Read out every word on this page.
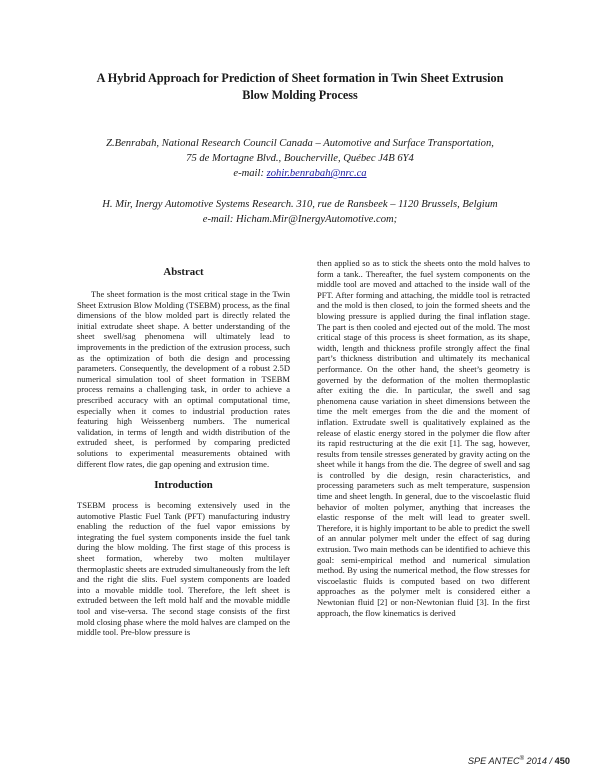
A Hybrid Approach for Prediction of Sheet formation in Twin Sheet Extrusion
Blow Molding Process
Z.Benrabah, National Research Council Canada – Automotive and Surface Transportation,
75 de Mortagne Blvd., Boucherville, Québec J4B 6Y4
e-mail: zohir.benrabah@nrc.ca
H. Mir, Inergy Automotive Systems Research. 310, rue de Ransbeek – 1120 Brussels, Belgium
e-mail: Hicham.Mir@InergyAutomotive.com;
Abstract

The sheet formation is the most critical stage in the Twin Sheet Extrusion Blow Molding (TSEBM) process, as the final dimensions of the blow molded part is directly related the initial extrudate sheet shape. A better understanding of the sheet swell/sag phenomena will ultimately lead to improvements in the prediction of the extrusion process, such as the optimization of both die design and processing parameters. Consequently, the development of a robust 2.5D numerical simulation tool of sheet formation in TSEBM process remains a challenging task, in order to achieve a prescribed accuracy with an optimal computational time, especially when it comes to industrial production rates featuring high Weissenberg numbers. The numerical validation, in terms of length and width distribution of the extruded sheet, is performed by comparing predicted solutions to experimental measurements obtained with different flow rates, die gap opening and extrusion time.

Introduction

TSEBM process is becoming extensively used in the automotive Plastic Fuel Tank (PFT) manufacturing industry enabling the reduction of the fuel vapor emissions by integrating the fuel system components inside the fuel tank during the blow molding. The first stage of this process is sheet formation, whereby two molten multilayer thermoplastic sheets are extruded simultaneously from the left and the right die slits. Fuel system components are loaded into a movable middle tool. Therefore, the left sheet is extruded between the left mold half and the movable middle tool and vise-versa. The second stage consists of the first mold closing phase where the mold halves are clamped on the middle tool. Pre-blow pressure is

then applied so as to stick the sheets onto the mold halves to form a tank.. Thereafter, the fuel system components on the middle tool are moved and attached to the inside wall of the PFT. After forming and attaching, the middle tool is retracted and the mold is then closed, to join the formed sheets and the blowing pressure is applied during the final inflation stage. The part is then cooled and ejected out of the mold. The most critical stage of this process is sheet formation, as its shape, width, length and thickness profile strongly affect the final part’s thickness distribution and ultimately its mechanical performance. On the other hand, the sheet’s geometry is governed by the deformation of the molten thermoplastic after exiting the die. In particular, the swell and sag phenomena cause variation in sheet dimensions between the time the melt emerges from the die and the moment of inflation. Extrudate swell is qualitatively explained as the release of elastic energy stored in the polymer die flow after its rapid restructuring at the die exit [1]. The sag, however, results from tensile stresses generated by gravity acting on the sheet while it hangs from the die. The degree of swell and sag is controlled by die design, resin characteristics, and processing parameters such as melt temperature, suspension time and sheet length. In general, due to the viscoelastic fluid behavior of molten polymer, anything that increases the elastic response of the melt will lead to greater swell. Therefore, it is highly important to be able to predict the swell of an annular polymer melt under the effect of sag during extrusion. Two main methods can be identified to achieve this goal: semi-empirical method and numerical simulation method. By using the numerical method, the flow stresses for viscoelastic fluids is computed based on two different approaches as the polymer melt is considered either a Newtonian fluid [2] or non-Newtonian fluid [3]. In the first approach, the flow kinematics is derived

SPE ANTEC® 2014 / 450
